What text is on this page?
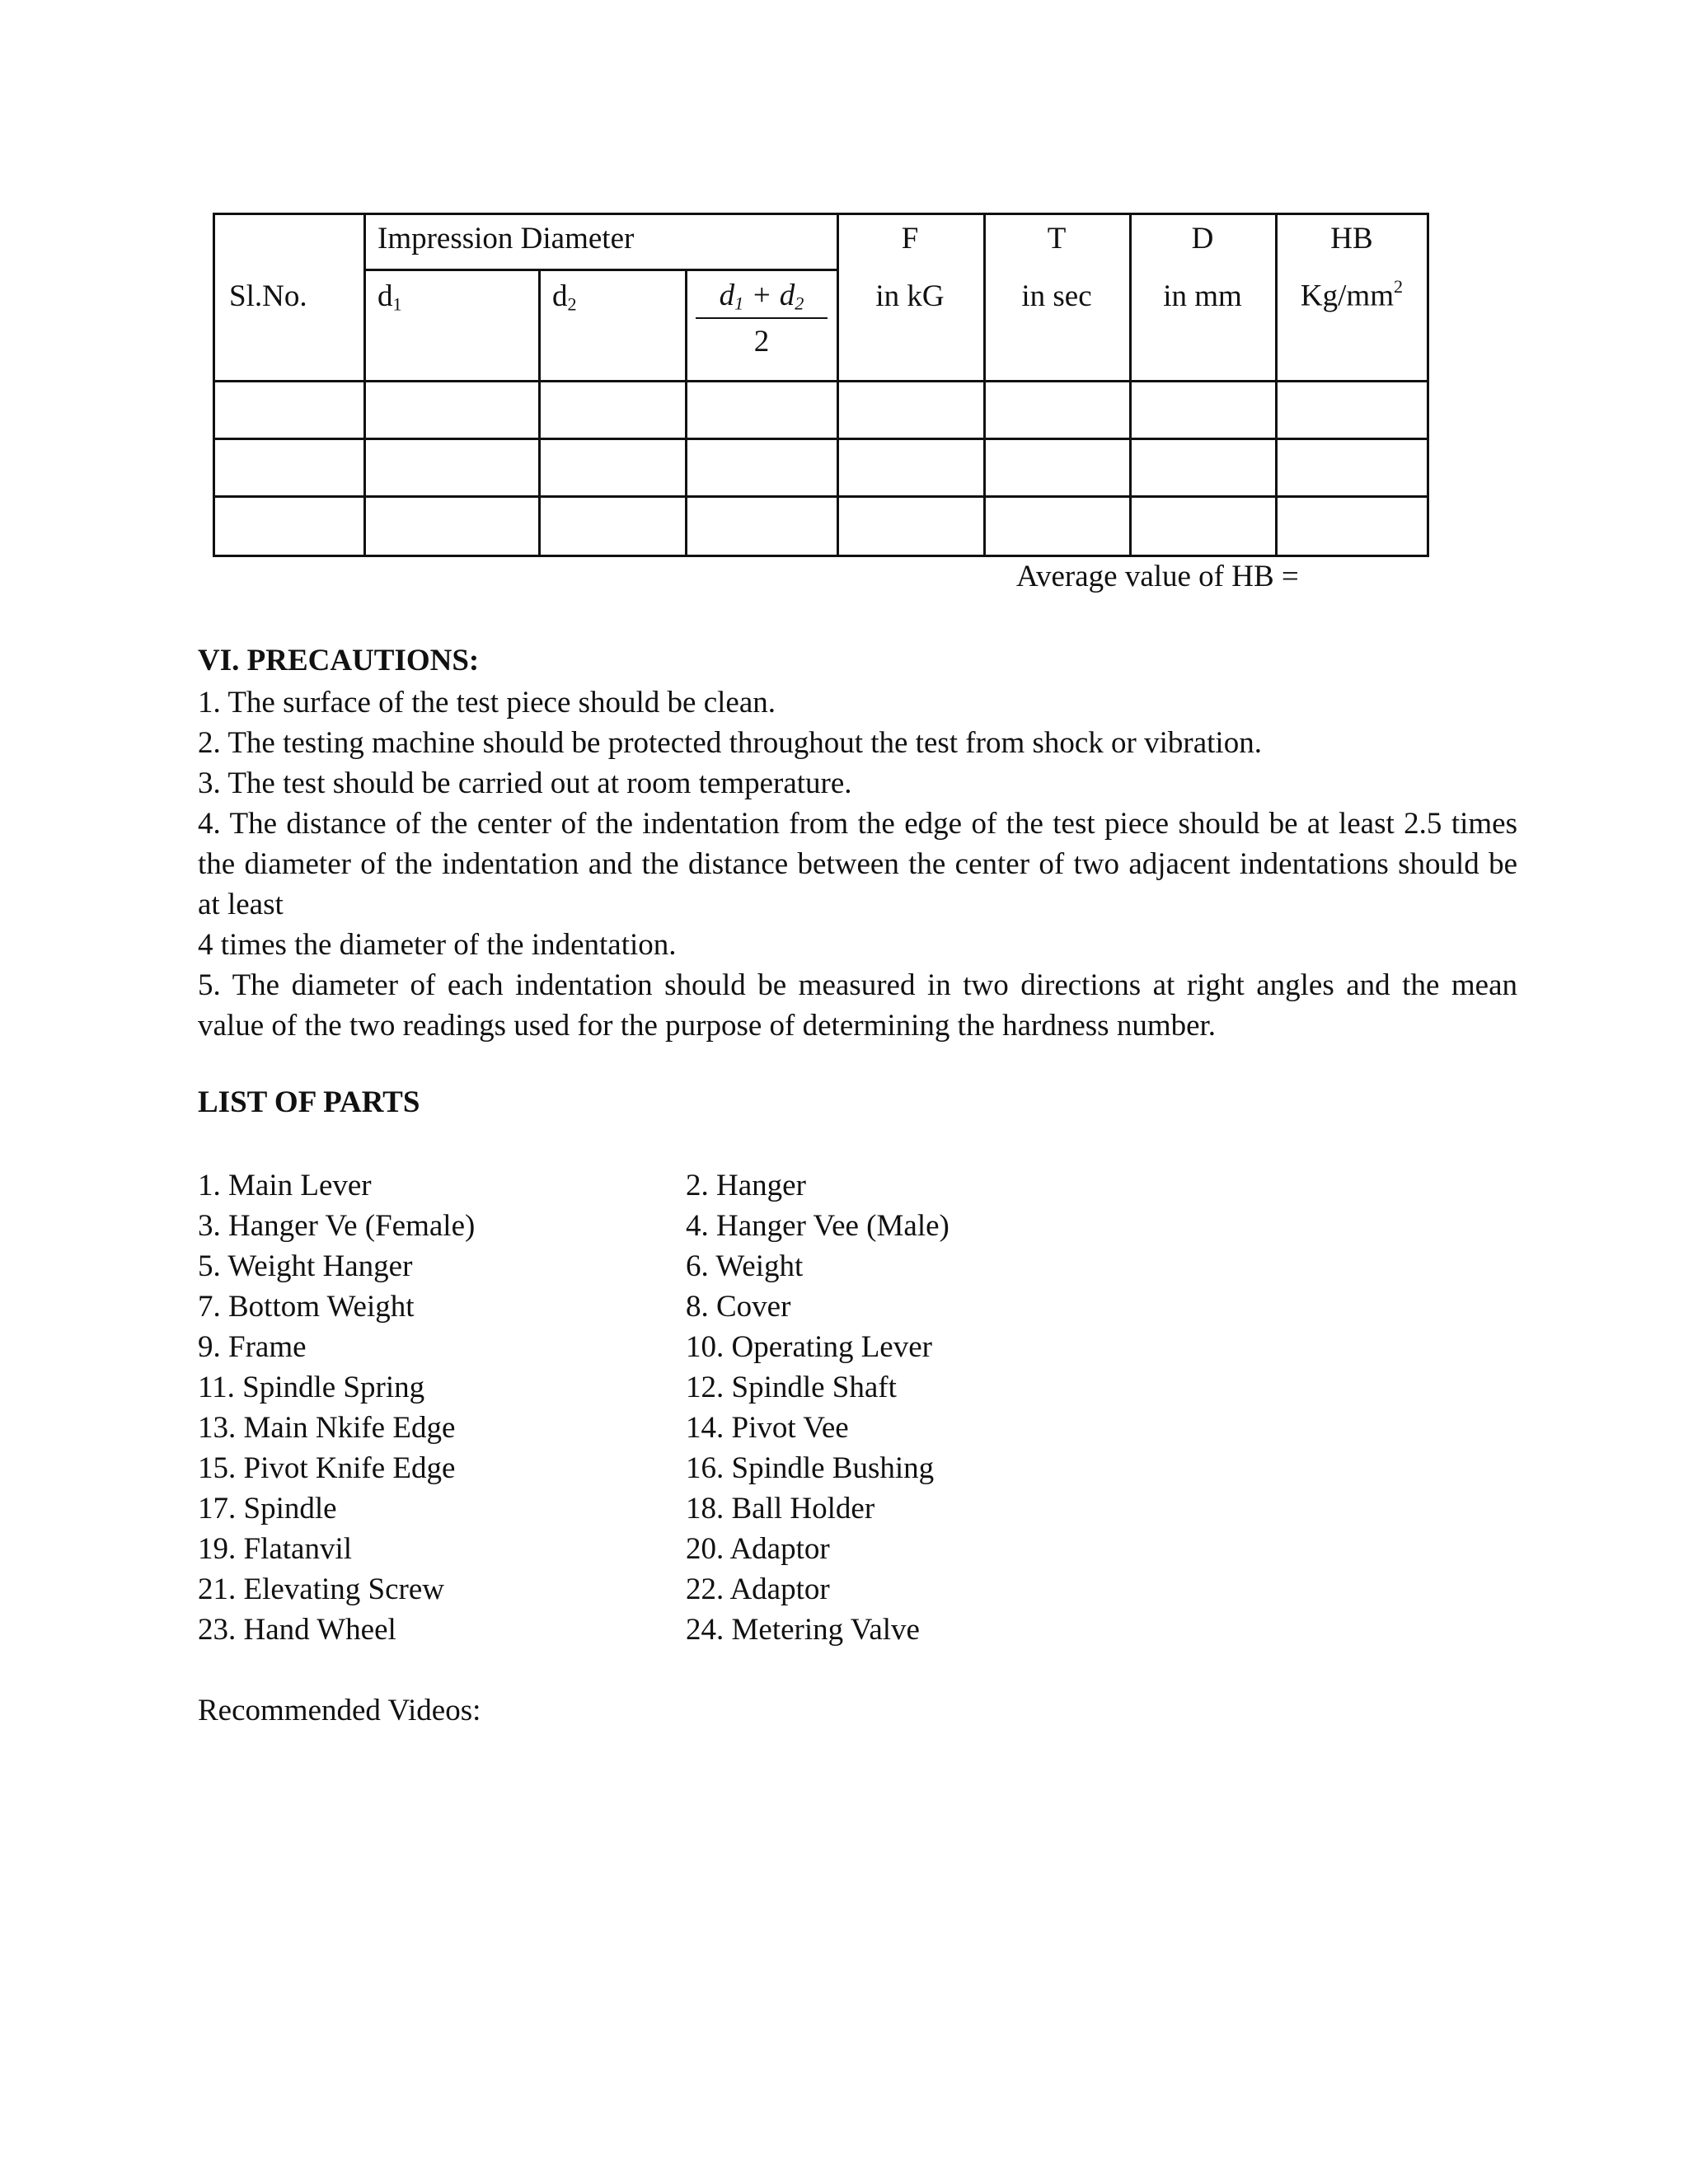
Impression Diameter
Sl.No. $d_1$	$d_2$	$\frac{d_1 + d_2}{2}$
F
in kG
T
in sec
D
in mm
HB
$Kg/mm^2$
Average value of HB =
VI. PRECAUTIONS:
1. The surface of the test piece should be clean.
2. The testing machine should be protected throughout the test from shock or vibration.
3. The test should be carried out at room temperature.
4. The distance of the center of the indentation from the edge of the test piece should be at least 2.5 times the diameter of the indentation and the distance between the center of two adjacent indentations should be at least
4 times the diameter of the indentation.
5. The diameter of each indentation should be measured in two directions at right angles and the mean value of the two readings used for the purpose of determining the hardness number.
LIST OF PARTS
1. Main Lever
3. Hanger Ve (Female)
5. Weight Hanger
7. Bottom Weight
9. Frame
11. Spindle Spring
13. Main Nkife Edge
15. Pivot Knife Edge
17. Spindle
19. Flatanvil
21. Elevating Screw
23. Hand Wheel
2. Hanger
4. Hanger Vee (Male)
6. Weight
8. Cover
10. Operating Lever
12. Spindle Shaft
14. Pivot Vee
16. Spindle Bushing
18. Ball Holder
20. Adaptor
22. Adaptor
24. Metering Valve
Recommended Videos:
